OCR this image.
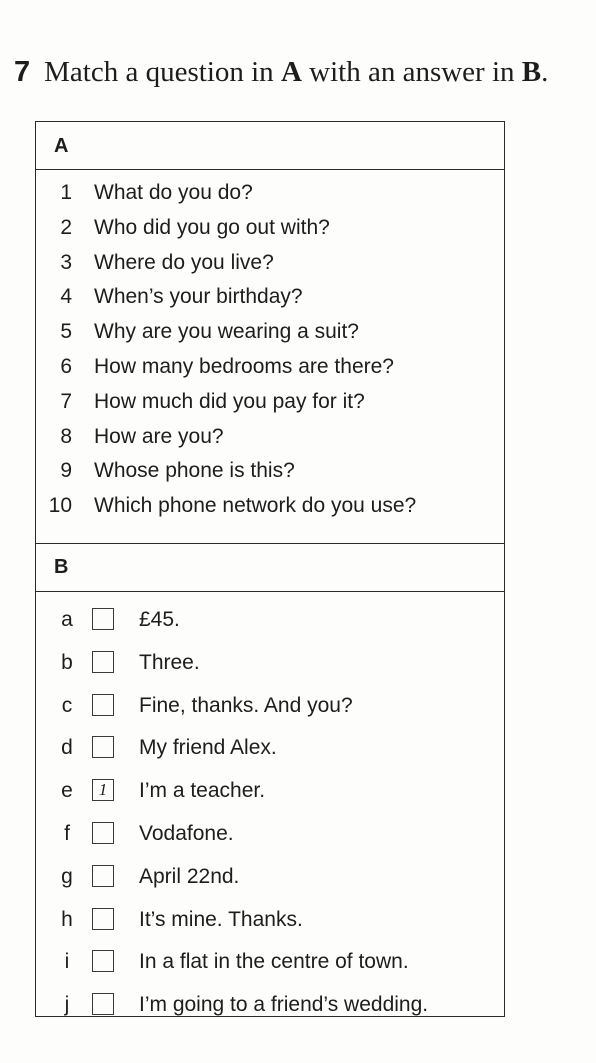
7 Match a question in A with an answer in B.
A
1 What do you do?
2 Who did you go out with?
3 Where do you live?
4 When’s your birthday?
5 Why are you wearing a suit?
6 How many bedrooms are there?
7 How much did you pay for it?
8 How are you?
9 Whose phone is this?
10 Which phone network do you use?
B
a	£45.
b	Three.
c	Fine, thanks. And you?
d	My friend Alex.
e	1	I’m a teacher.
f	Vodafone.
g	April 22nd.
h	It’s mine. Thanks.
i	In a flat in the centre of town.
j	I’m going to a friend’s wedding.
